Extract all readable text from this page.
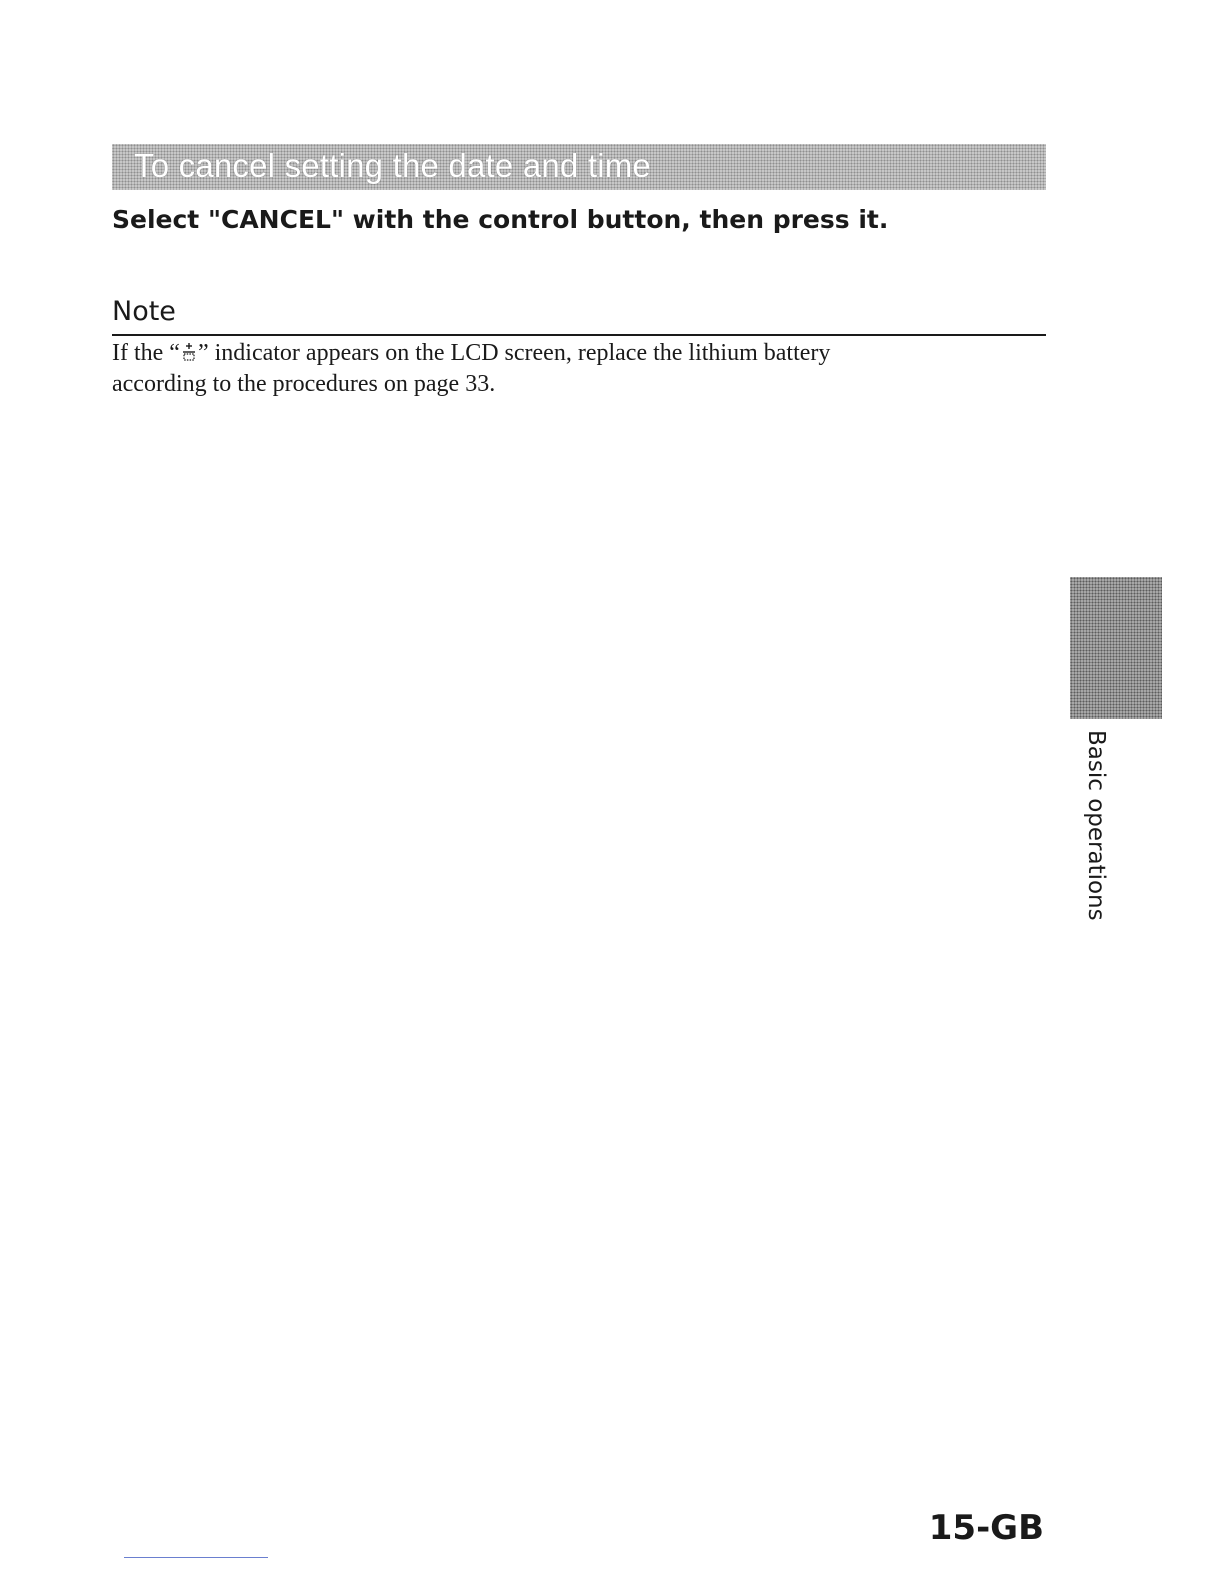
To cancel setting the date and time
Select "CANCEL" with the control button, then press it.
Note
If the “ ” indicator appears on the LCD screen, replace the lithium battery
according to the procedures on page 33.
Basic operations
15-GB
